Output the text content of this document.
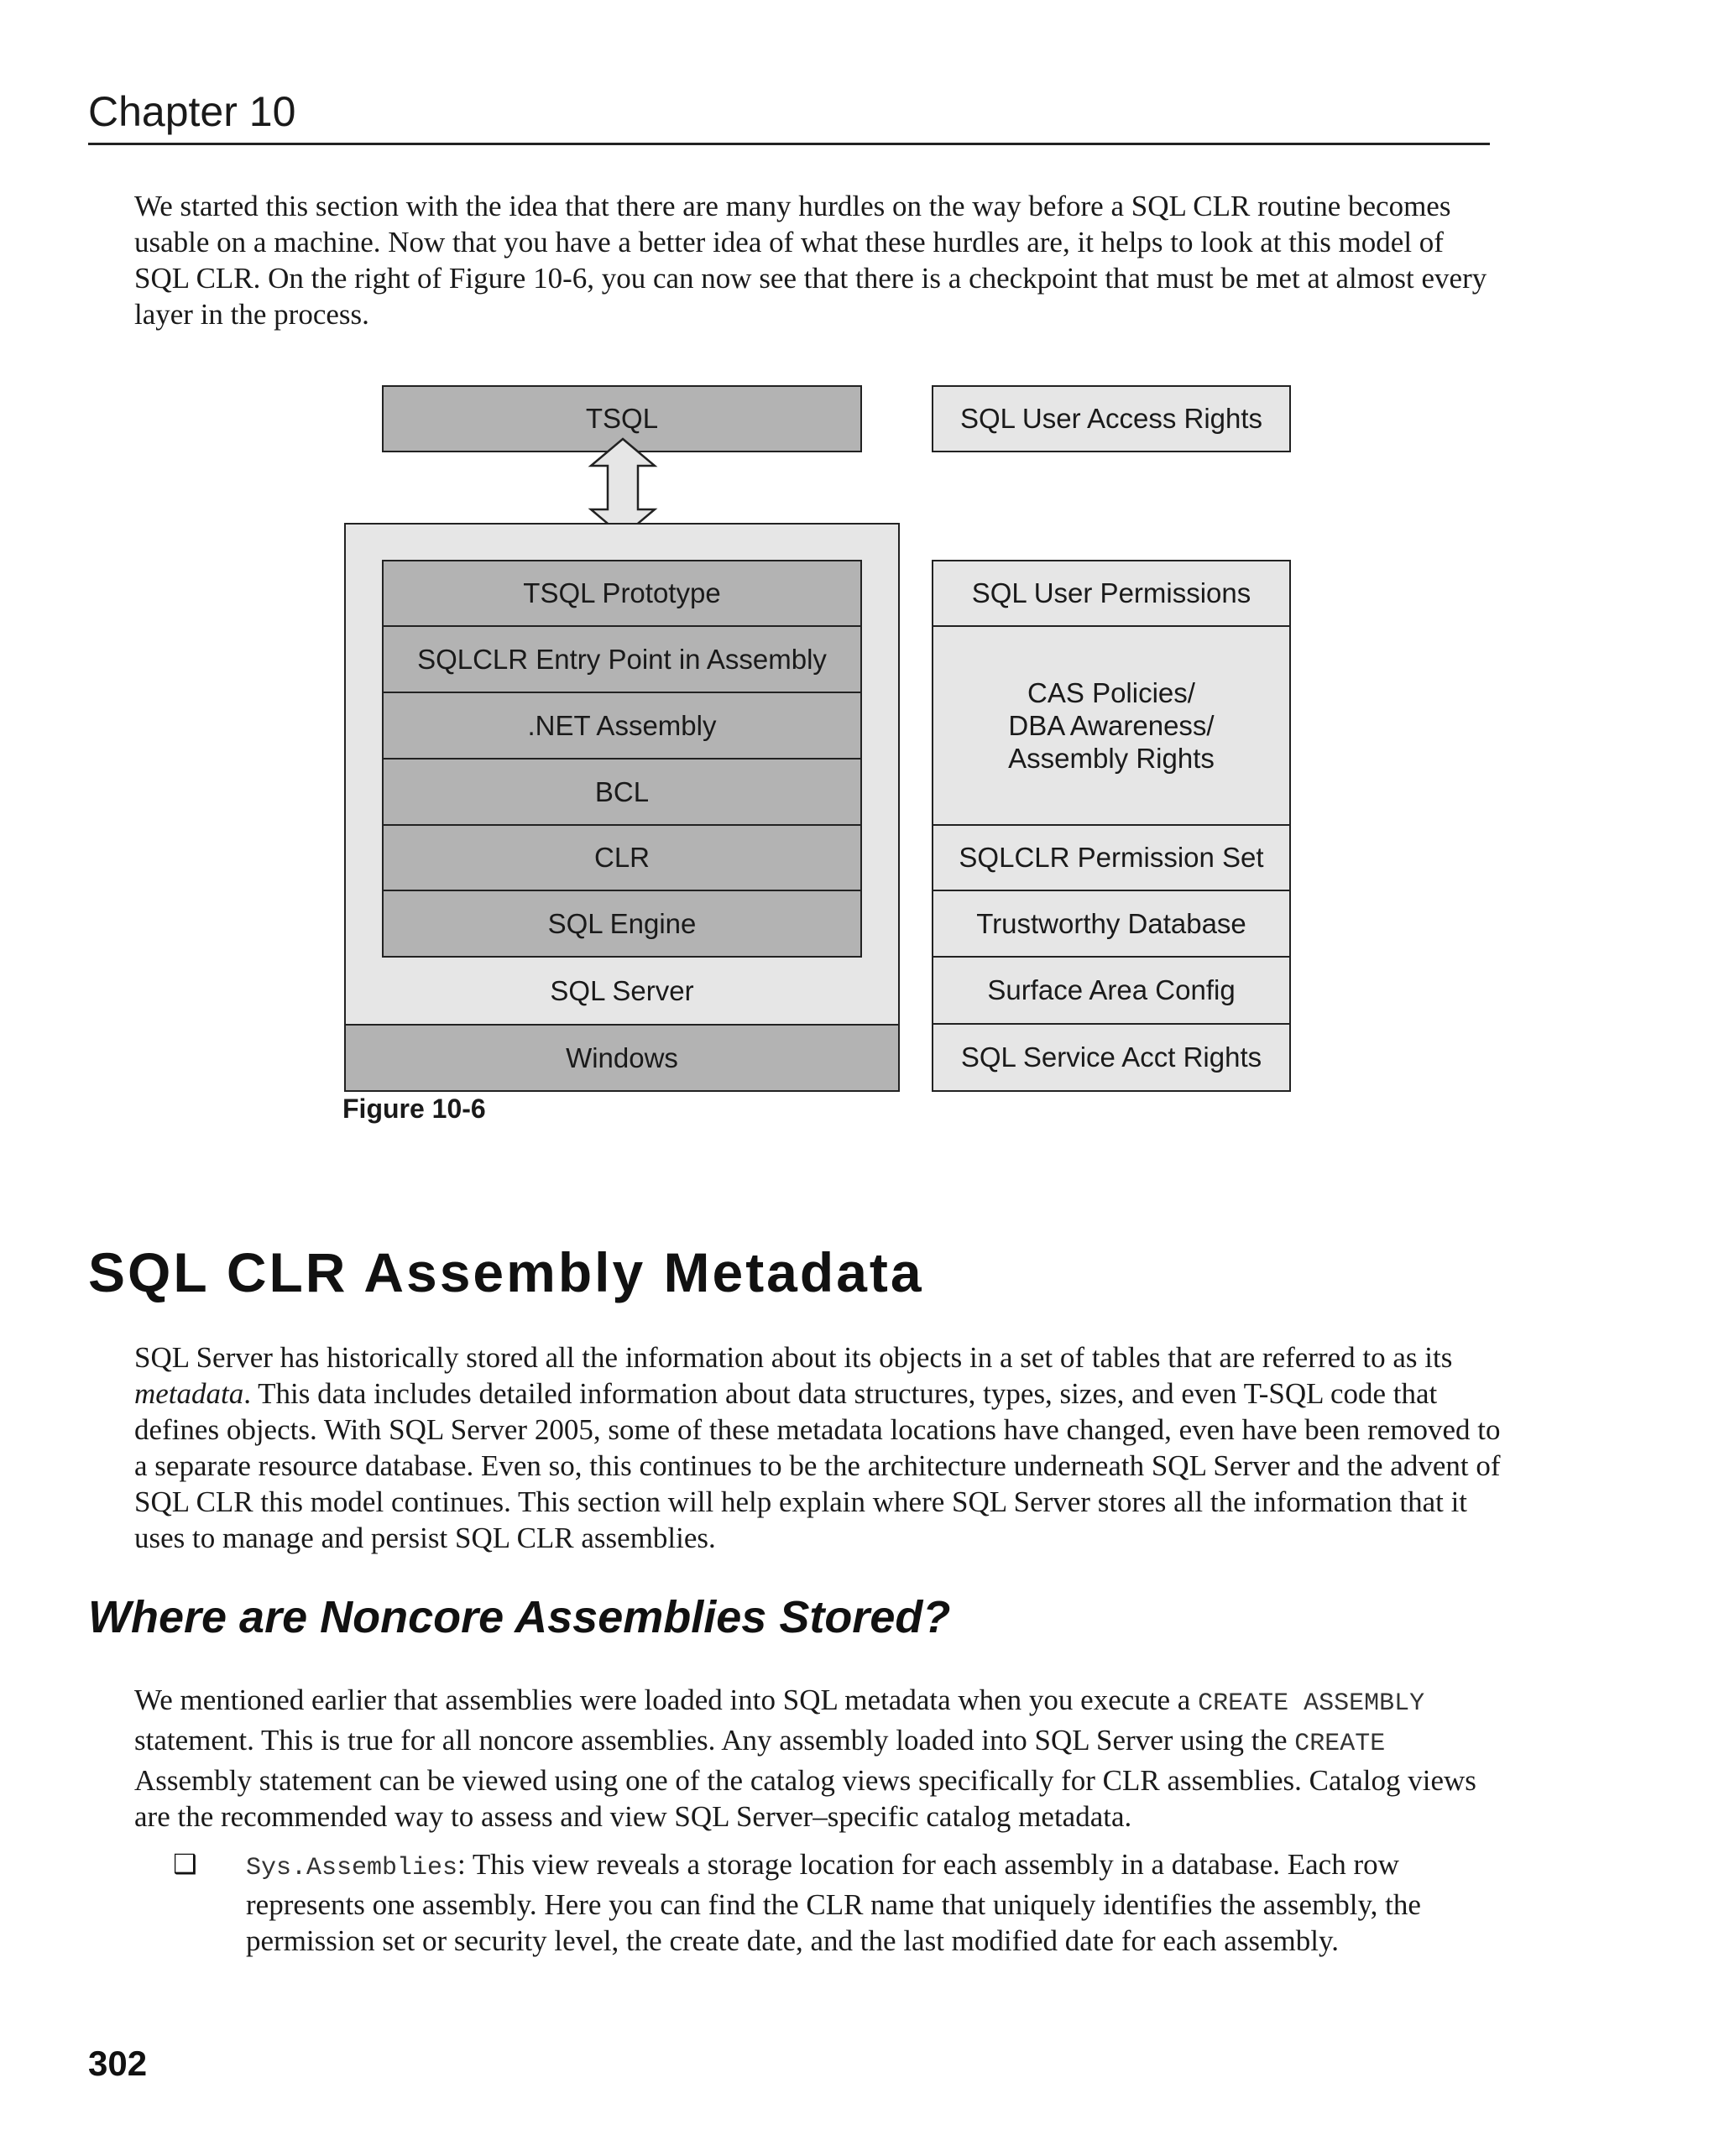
Chapter 10

We started this section with the idea that there are many hurdles on the way before a SQL CLR routine becomes usable on a machine. Now that you have a better idea of what these hurdles are, it helps to look at this model of SQL CLR. On the right of Figure 10-6, you can now see that there is a checkpoint that must be met at almost every layer in the process.

TSQL
TSQL Prototype
SQLCLR Entry Point in Assembly
.NET Assembly
BCL
CLR
SQL Engine
SQL Server
Windows
SQL User Access Rights
SQL User Permissions
CAS Policies/
DBA Awareness/
Assembly Rights
SQLCLR Permission Set
Trustworthy Database
Surface Area Config
SQL Service Acct Rights
Figure 10-6
SQL CLR Assembly Metadata

SQL Server has historically stored all the information about its objects in a set of tables that are referred to as its metadata. This data includes detailed information about data structures, types, sizes, and even T-SQL code that defines objects. With SQL Server 2005, some of these metadata locations have changed, even have been removed to a separate resource database. Even so, this continues to be the architecture underneath SQL Server and the advent of SQL CLR this model continues. This section will help explain where SQL Server stores all the information that it uses to manage and persist SQL CLR assemblies.

Where are Noncore Assemblies Stored?

We mentioned earlier that assemblies were loaded into SQL metadata when you execute a CREATE ASSEMBLY statement. This is true for all noncore assemblies. Any assembly loaded into SQL Server using the CREATE Assembly statement can be viewed using one of the catalog views specifically for CLR assemblies. Catalog views are the recommended way to assess and view SQL Server–specific catalog metadata.

❑ Sys.Assemblies: This view reveals a storage location for each assembly in a database. Each row represents one assembly. Here you can find the CLR name that uniquely identifies the assembly, the permission set or security level, the create date, and the last modified date for each assembly.

302
